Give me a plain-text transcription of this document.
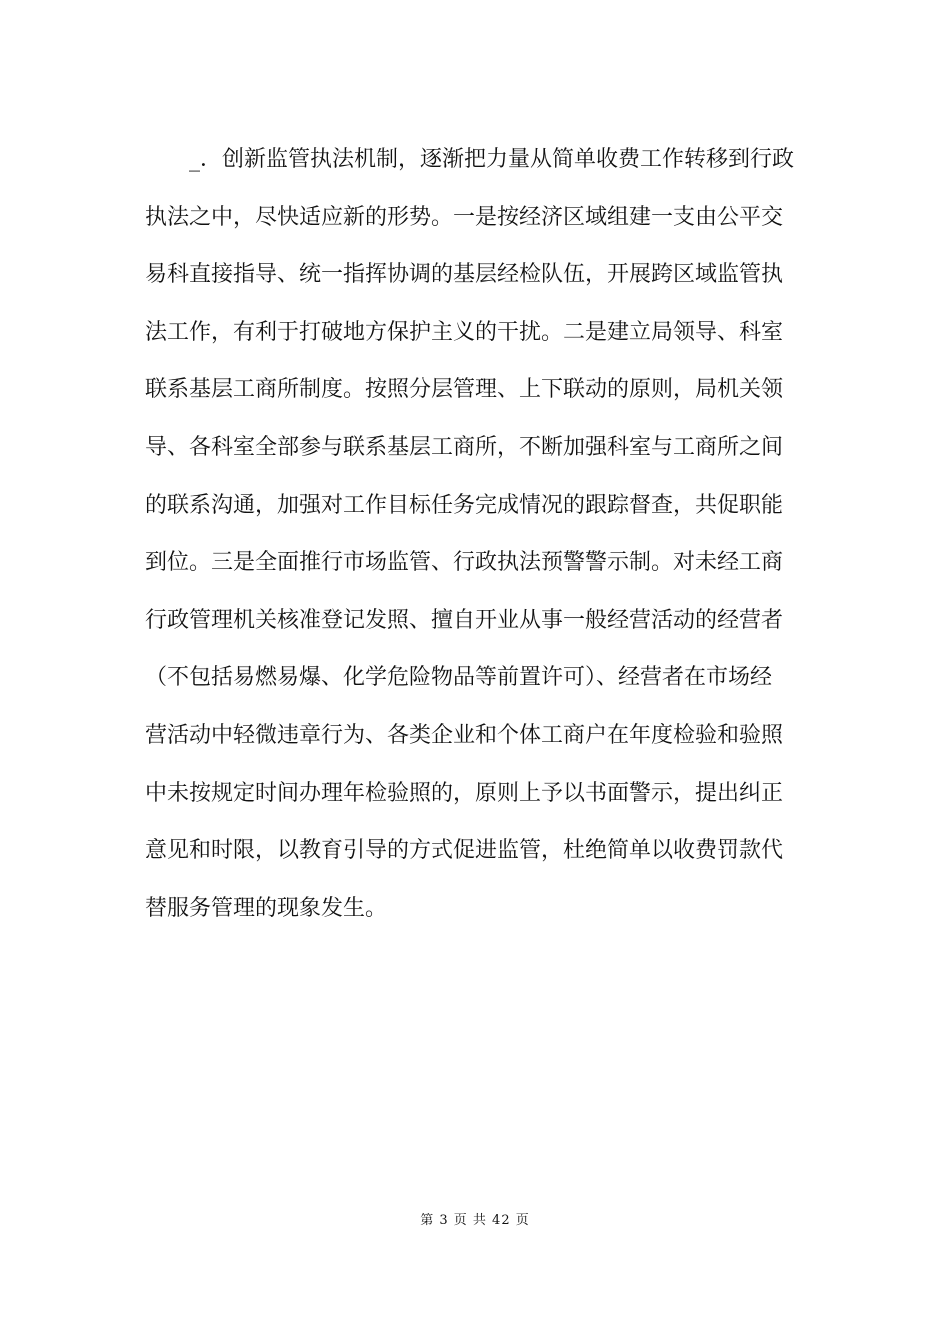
　　_．创新监管执法机制，逐渐把力量从简单收费工作转移到行政
执法之中，尽快适应新的形势。一是按经济区域组建一支由公平交
易科直接指导、统一指挥协调的基层经检队伍，开展跨区域监管执
法工作，有利于打破地方保护主义的干扰。二是建立局领导、科室
联系基层工商所制度。按照分层管理、上下联动的原则，局机关领
导、各科室全部参与联系基层工商所，不断加强科室与工商所之间
的联系沟通，加强对工作目标任务完成情况的跟踪督查，共促职能
到位。三是全面推行市场监管、行政执法预警警示制。对未经工商
行政管理机关核准登记发照、擅自开业从事一般经营活动的经营者
（不包括易燃易爆、化学危险物品等前置许可）、经营者在市场经
营活动中轻微违章行为、各类企业和个体工商户在年度检验和验照
中未按规定时间办理年检验照的，原则上予以书面警示，提出纠正
意见和时限，以教育引导的方式促进监管，杜绝简单以收费罚款代
替服务管理的现象发生。
第 3 页 共 42 页
